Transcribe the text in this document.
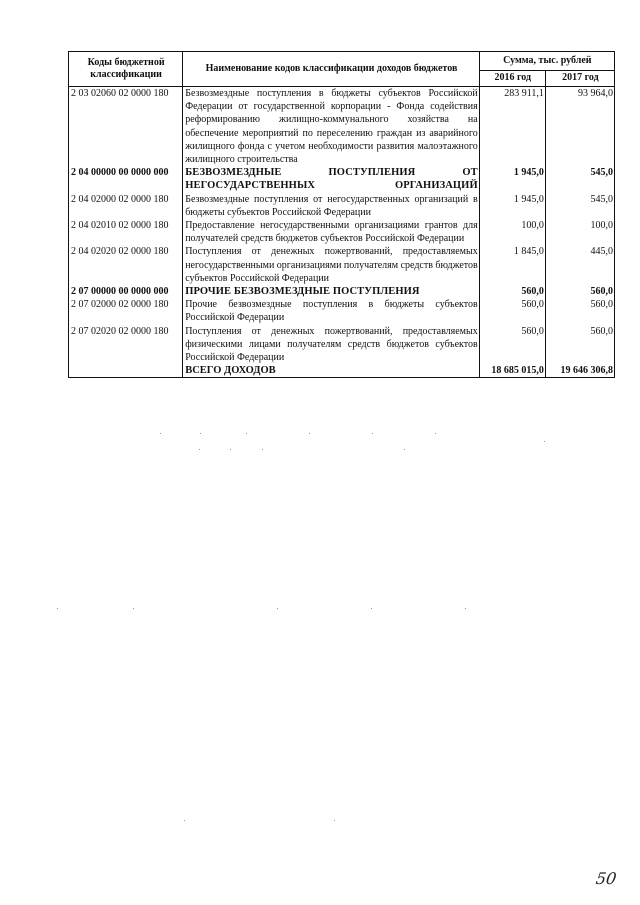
Коды бюджетной классификации	Наименование кодов классификации доходов бюджетов	Сумма, тыс. рублей	
		2016 год	2017 год
2 03 02060 02 0000 180	Безвозмездные поступления в бюджеты субъектов Российской Федерации от государственной корпорации - Фонда содействия реформированию жилищно-коммунального хозяйства на обеспечение мероприятий по переселению граждан из аварийного жилищного фонда с учетом необходимости развития малоэтажного жилищного строительства	283 911,1	93 964,0
2 04 00000 00 0000 000	БЕЗВОЗМЕЗДНЫЕ ПОСТУПЛЕНИЯ ОТ НЕГОСУДАРСТВЕННЫХ ОРГАНИЗАЦИЙ	1 945,0	545,0
2 04 02000 02 0000 180	Безвозмездные поступления от негосударственных организаций в бюджеты субъектов Российской Федерации	1 945,0	545,0
2 04 02010 02 0000 180	Предоставление негосударственными организациями грантов для получателей средств бюджетов субъектов Российской Федерации	100,0	100,0
2 04 02020 02 0000 180	Поступления от денежных пожертвований, предоставляемых негосударственными организациями получателям средств бюджетов субъектов Российской Федерации	1 845,0	445,0
2 07 00000 00 0000 000	ПРОЧИЕ БЕЗВОЗМЕЗДНЫЕ ПОСТУПЛЕНИЯ	560,0	560,0
2 07 02000 02 0000 180	Прочие безвозмездные поступления в бюджеты субъектов Российской Федерации	560,0	560,0
2 07 02020 02 0000 180	Поступления от денежных пожертвований, предоставляемых физическими лицами получателям средств бюджетов субъектов Российской Федерации	560,0	560,0
	ВСЕГО ДОХОДОВ	18 685 015,0	19 646 306,8
50
